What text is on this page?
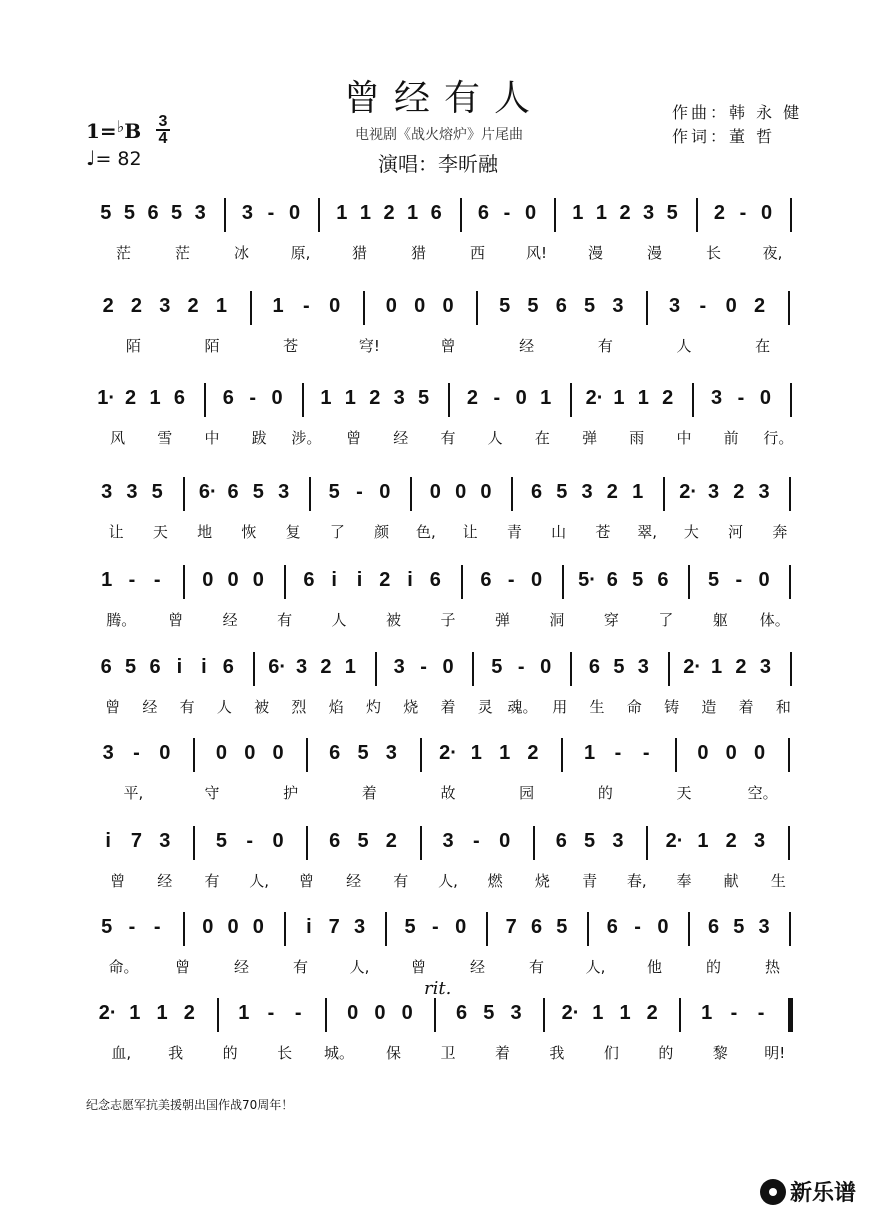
曾经有人
电视剧《战火熔炉》片尾曲
演唱：李昕融
作曲：韩 永 健
作词：董 哲
1=♭B 3
4
♩= 82
5 5 6 5 3 3 - 0 1 1 2 1 6 6 - 0 1 1 2 3 5 2 - 0
茫	茫	冰	原,	猎	猎	西	风!	漫	漫	长	夜,
2 2 3 2 1 1 - 0 0 0 0 5 5 6 5 3 3 - 0 2
陌	陌	苍	穹!	曾	经	有	人	在
1· 2 1 6 6 - 0 1 1 2 3 5 2 - 0 1 2· 1 1 2 3 - 0
风 雪 中 跋 涉。 曾 经 有 人 在 弹 雨 中 前 行。
3 3 5 6· 6 5 3 5 - 0 0 0 0 6 5 3 2 1 2· 3 2 3
让 天 地 恢 复 了 颜 色, 让 青 山 苍 翠, 大 河 奔
1 - - 0 0 0 6 i i 2 i 6 6 - 0 5· 6 5 6 5 - 0
腾。 曾	经	有	人	被	子	弹	洞	穿	了	躯 体。
6 5 6 i i 6 6· 3 2 1 3 - 0 5 - 0 6 5 3 2· 1 2 3
曾 经 有 人 被 烈 焰 灼 烧 着 灵 魂。 用 生 命 铸 造 着 和
3 - 0 0 0 0 6 5 3 2· 1 1 2 1 - - 0 0 0
平,	守	护	着	故	园	的	天	空。
i 7 3 5 - 0 6 5 2 3 - 0 6 5 3 2· 1 2 3
曾 经 有 人, 曾 经 有 人, 燃 烧 青 春, 奉 献 生
5 - - 0 0 0 i 7 3 5 - 0 7 6 5 6 - 0 6 5 3
命。 曾	经	有	人,	曾	经	有	人,	他	的	热
2· 1 1 2 1 - - 0 0 0 6 5 3 2· 1 1 2 1 - -
血, 我	的	长 城。 保	卫	着	我	们	的	黎 明!
rit.
纪念志愿军抗美援朝出国作战70周年！
新乐谱
